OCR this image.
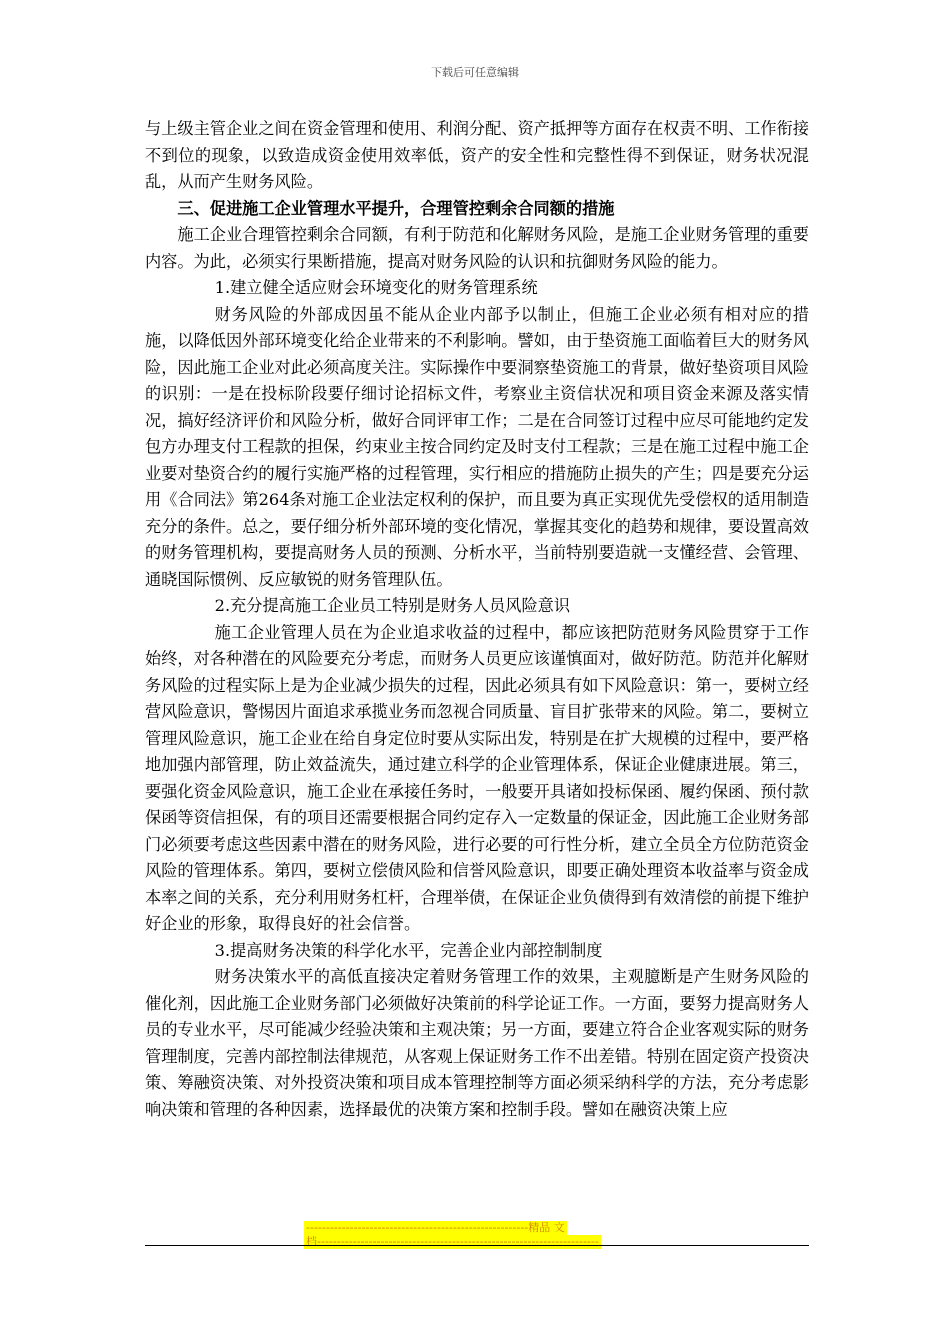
下载后可任意编辑

与上级主管企业之间在资金管理和使用、利润分配、资产抵押等方面存在权责不明、工作衔接不到位的现象，以致造成资金使用效率低，资产的安全性和完整性得不到保证，财务状况混乱，从而产生财务风险。

三、促进施工企业管理水平提升，合理管控剩余合同额的措施

施工企业合理管控剩余合同额，有利于防范和化解财务风险，是施工企业财务管理的重要内容。为此，必须实行果断措施，提高对财务风险的认识和抗御财务风险的能力。

1.建立健全适应财会环境变化的财务管理系统

财务风险的外部成因虽不能从企业内部予以制止，但施工企业必须有相对应的措施，以降低因外部环境变化给企业带来的不利影响。譬如，由于垫资施工面临着巨大的财务风险，因此施工企业对此必须高度关注。实际操作中要洞察垫资施工的背景，做好垫资项目风险的识别：一是在投标阶段要仔细讨论招标文件，考察业主资信状况和项目资金来源及落实情况，搞好经济评价和风险分析，做好合同评审工作；二是在合同签订过程中应尽可能地约定发包方办理支付工程款的担保，约束业主按合同约定及时支付工程款；三是在施工过程中施工企业要对垫资合约的履行实施严格的过程管理，实行相应的措施防止损失的产生；四是要充分运用《合同法》第264条对施工企业法定权利的保护，而且要为真正实现优先受偿权的适用制造充分的条件。总之，要仔细分析外部环境的变化情况，掌握其变化的趋势和规律，要设置高效的财务管理机构，要提高财务人员的预测、分析水平，当前特别要造就一支懂经营、会管理、通晓国际惯例、反应敏锐的财务管理队伍。

2.充分提高施工企业员工特别是财务人员风险意识

施工企业管理人员在为企业追求收益的过程中，都应该把防范财务风险贯穿于工作始终，对各种潜在的风险要充分考虑，而财务人员更应该谨慎面对，做好防范。防范并化解财务风险的过程实际上是为企业减少损失的过程，因此必须具有如下风险意识：第一，要树立经营风险意识，警惕因片面追求承揽业务而忽视合同质量、盲目扩张带来的风险。第二，要树立管理风险意识，施工企业在给自身定位时要从实际出发，特别是在扩大规模的过程中，要严格地加强内部管理，防止效益流失，通过建立科学的企业管理体系，保证企业健康进展。第三，要强化资金风险意识，施工企业在承接任务时，一般要开具诸如投标保函、履约保函、预付款保函等资信担保，有的项目还需要根据合同约定存入一定数量的保证金，因此施工企业财务部门必须要考虑这些因素中潜在的财务风险，进行必要的可行性分析，建立全员全方位防范资金风险的管理体系。第四，要树立偿债风险和信誉风险意识，即要正确处理资本收益率与资金成本率之间的关系，充分利用财务杠杆，合理举债，在保证企业负债得到有效清偿的前提下维护好企业的形象，取得良好的社会信誉。

3.提高财务决策的科学化水平，完善企业内部控制制度

财务决策水平的高低直接决定着财务管理工作的效果，主观臆断是产生财务风险的催化剂，因此施工企业财务部门必须做好决策前的科学论证工作。一方面，要努力提高财务人员的专业水平，尽可能减少经验决策和主观决策；另一方面，要建立符合企业客观实际的财务管理制度，完善内部控制法律规范，从客观上保证财务工作不出差错。特别在固定资产投资决策、筹融资决策、对外投资决策和项目成本管理控制等方面必须采纳科学的方法，充分考虑影响决策和管理的各种因素，选择最优的决策方案和控制手段。譬如在融资决策上应

--------------------------------------------------------精品 文
档-----------------------------------------------------------------------
